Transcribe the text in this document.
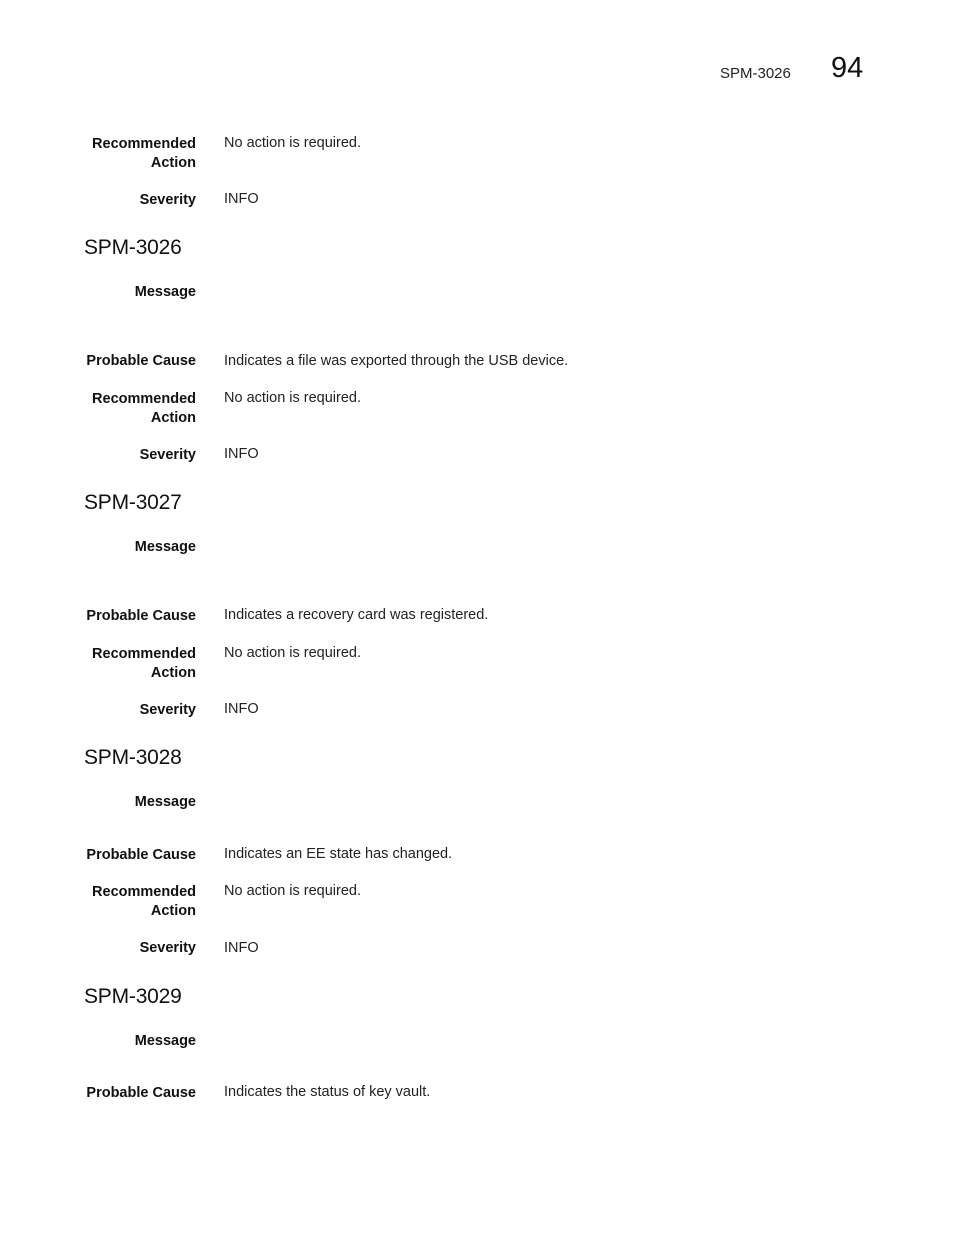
SPM-3026 94
Recommended
Action
No action is required.
Severity INFO
SPM-3026
Message
Probable Cause Indicates a file was exported through the USB device.
Recommended
Action
No action is required.
Severity INFO
SPM-3027
Message
Probable Cause Indicates a recovery card was registered.
Recommended
Action
No action is required.
Severity INFO
SPM-3028
Message
Probable Cause Indicates an EE state has changed.
Recommended
Action
No action is required.
Severity INFO
SPM-3029
Message
Probable Cause Indicates the status of key vault.
